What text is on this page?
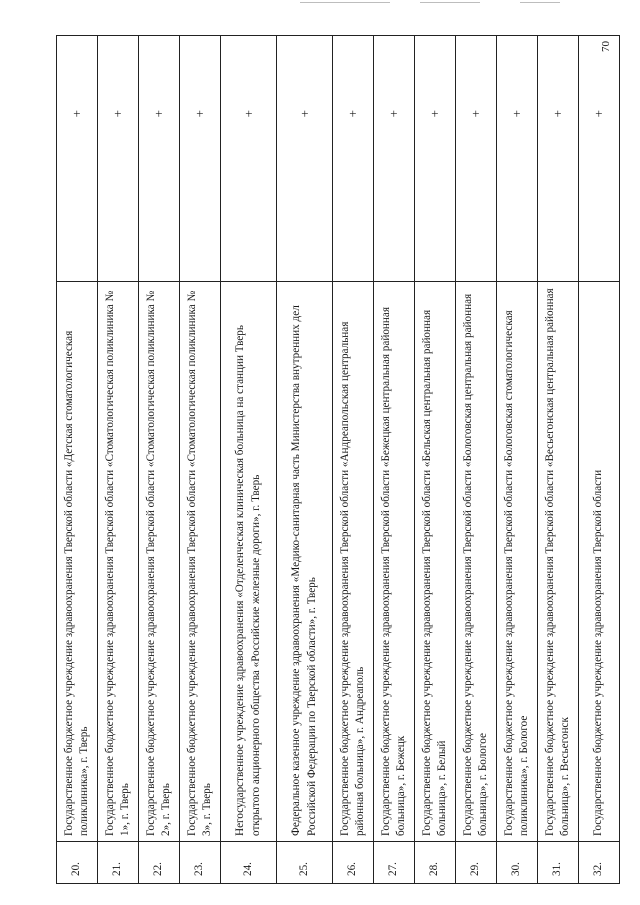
70
20.	Государственное бюджетное учреждение здравоохранения Тверской области «Детская стоматологическая поликлиника», г. Тверь	+
21.	Государственное бюджетное учреждение здравоохранения Тверской области «Стоматологическая поликлиника № 1», г. Тверь	+
22.	Государственное бюджетное учреждение здравоохранения Тверской области «Стоматологическая поликлиника № 2», г. Тверь	+
23.	Государственное бюджетное учреждение здравоохранения Тверской области «Стоматологическая поликлиника № 3», г. Тверь	+
24.	Негосударственное учреждение здравоохранения «Отделенческая клиническая больница на станции Тверь открытого акционерного общества «Российские железные дороги», г. Тверь	+
25.	Федеральное казенное учреждение здравоохранения «Медико-санитарная часть Министерства внутренних дел Российской Федерации по Тверской области», г. Тверь	+
26.	Государственное бюджетное учреждение здравоохранения Тверской области «Андреапольская центральная районная больница», г. Андреаполь	+
27.	Государственное бюджетное учреждение здравоохранения Тверской области «Бежецкая центральная районная больница», г. Бежецк	+
28.	Государственное бюджетное учреждение здравоохранения Тверской области «Бельская центральная районная больница», г. Белый	+
29.	Государственное бюджетное учреждение здравоохранения Тверской области «Бологовская центральная районная больница», г. Бологое	+
30.	Государственное бюджетное учреждение здравоохранения Тверской области «Бологовская стоматологическая поликлиника», г. Бологое	+
31.	Государственное бюджетное учреждение здравоохранения Тверской области «Весьегонская центральная районная больница», г. Весьегонск	+
32.	Государственное бюджетное учреждение здравоохранения Тверской области	+
